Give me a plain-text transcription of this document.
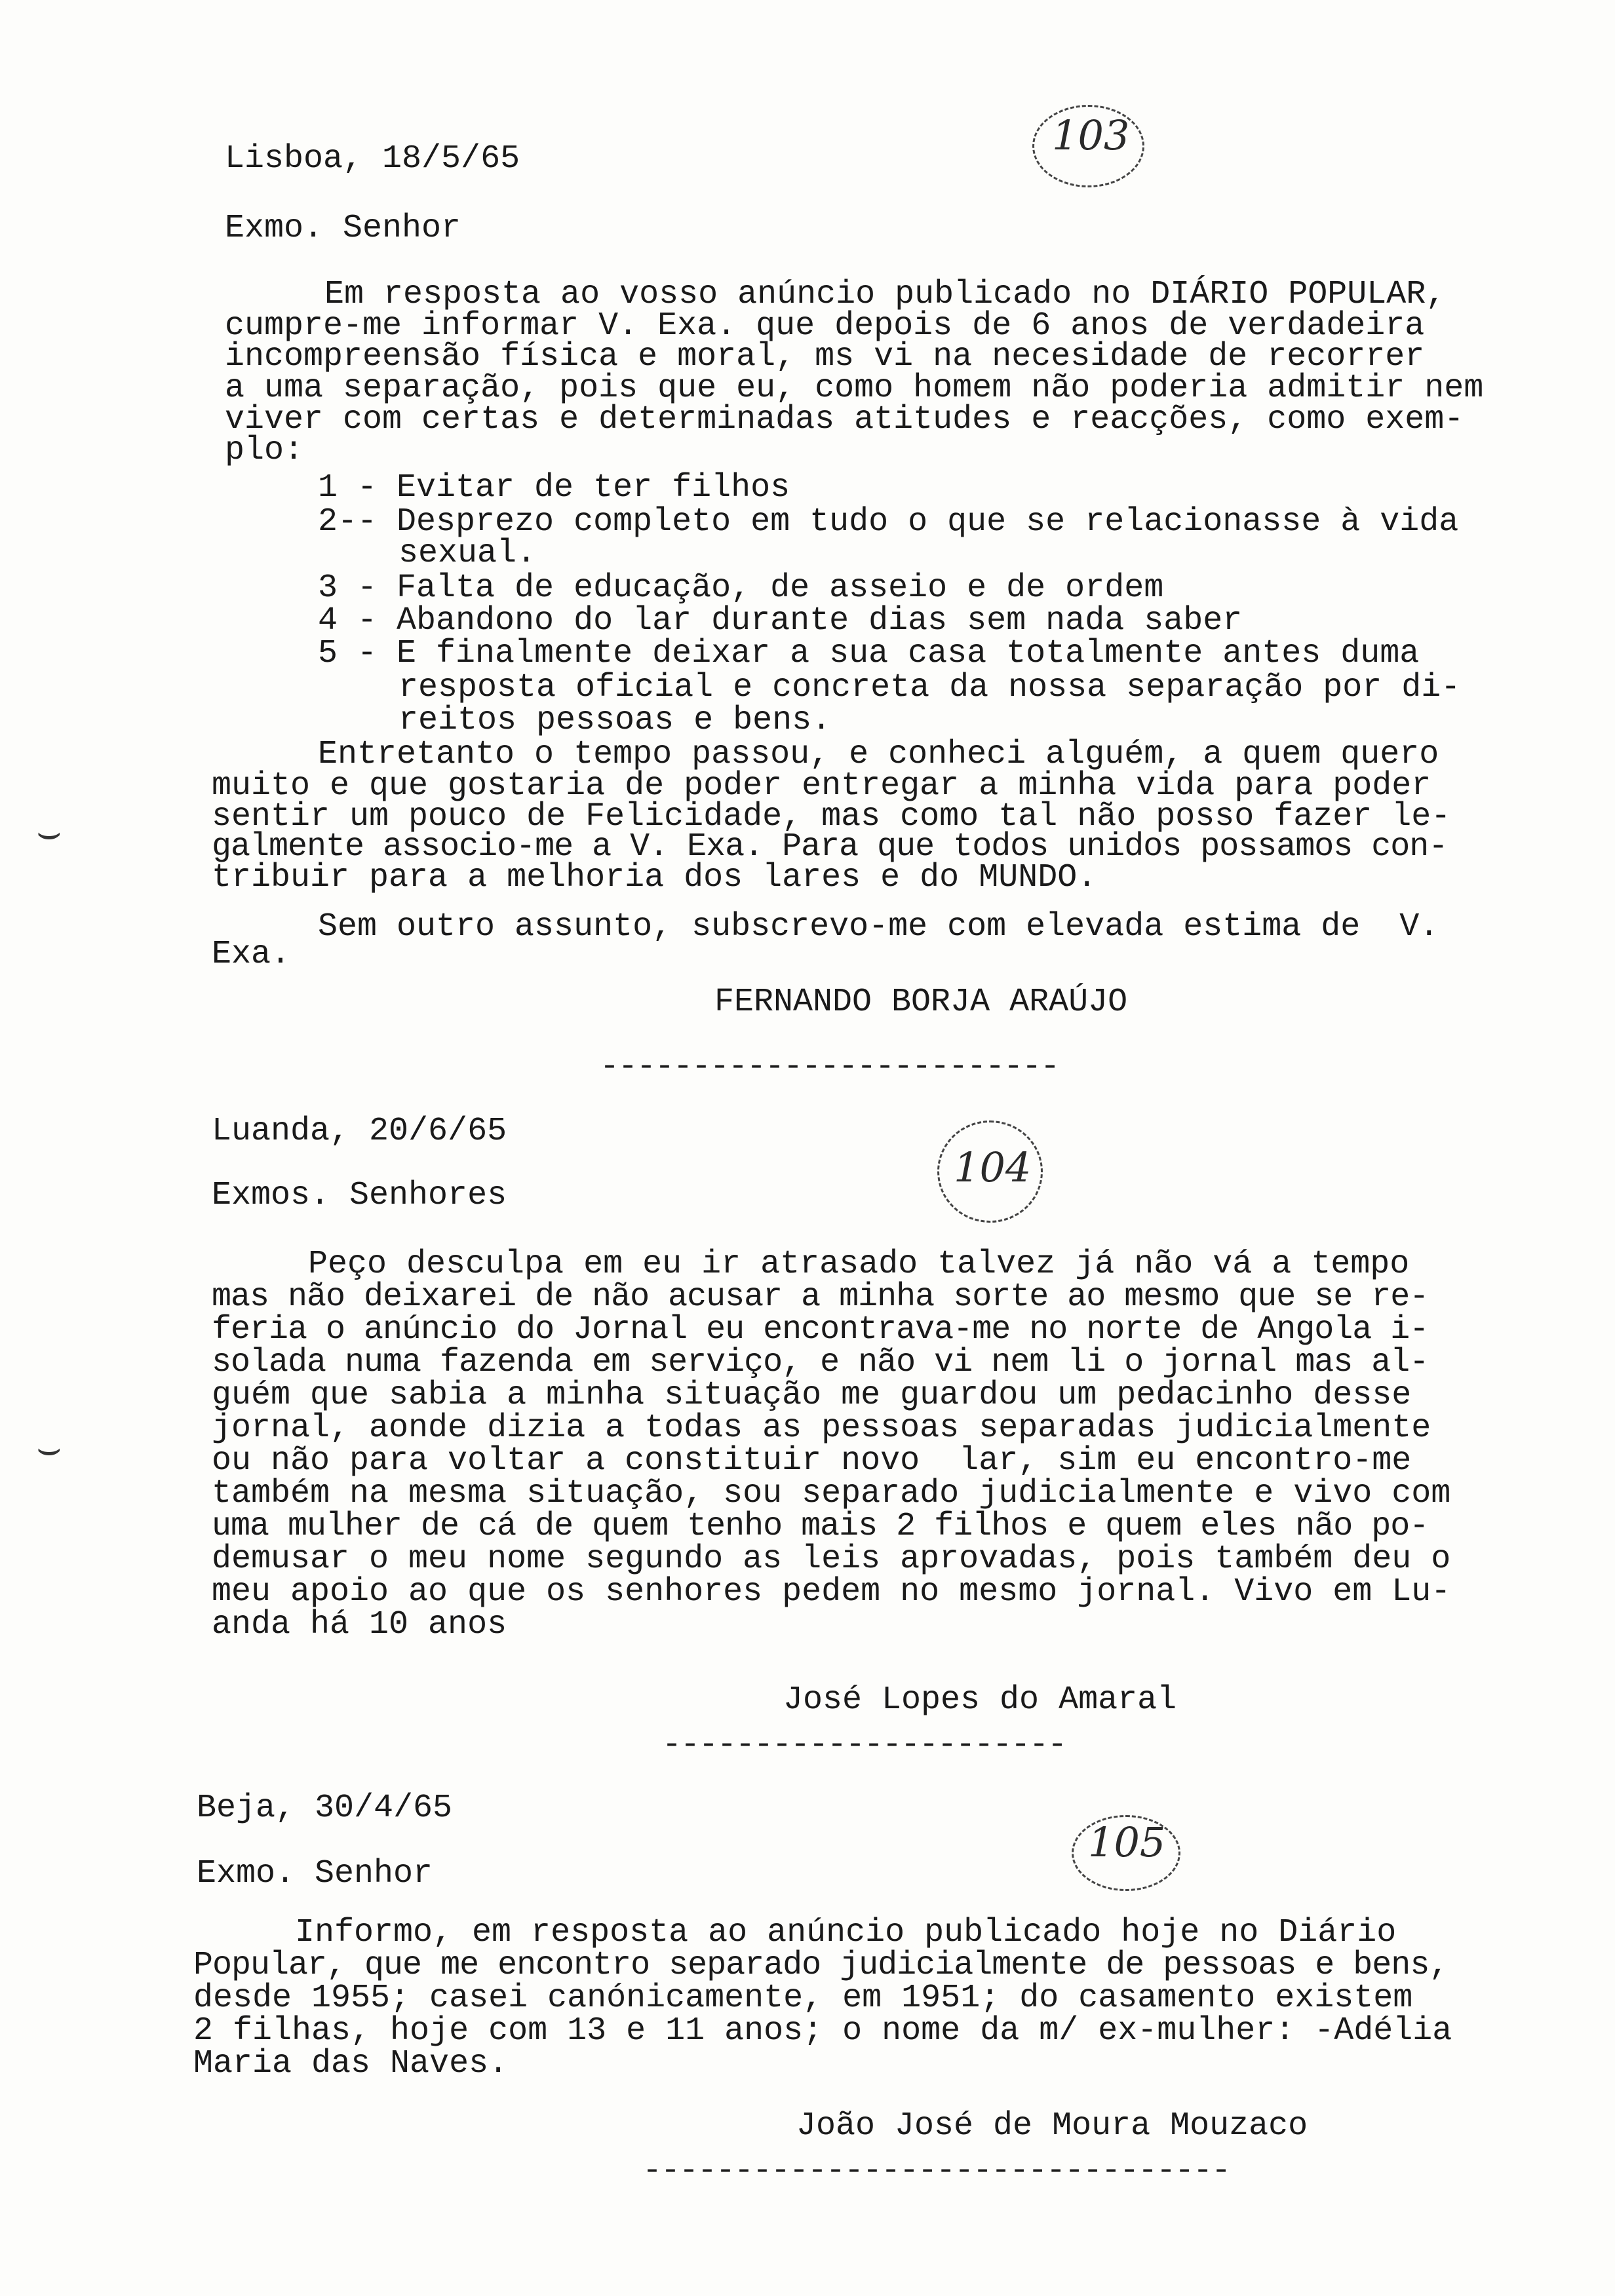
103
Lisboa, 18/5/65
Exmo. Senhor
Em resposta ao vosso anúncio publicado no DIÁRIO POPULAR,
cumpre-me informar V. Exa. que depois de 6 anos de verdadeira
incompreensão física e moral, ms vi na necesidade de recorrer
a uma separação, pois que eu, como homem não poderia admitir nem
viver com certas e determinadas atitudes e reacções, como exem-
plo:
1 - Evitar de ter filhos
2-- Desprezo completo em tudo o que se relacionasse à vida
sexual.
3 - Falta de educação, de asseio e de ordem
4 - Abandono do lar durante dias sem nada saber
5 - E finalmente deixar a sua casa totalmente antes duma
resposta oficial e concreta da nossa separação por di-
reitos pessoas e bens.
Entretanto o tempo passou, e conheci alguém, a quem quero
muito e que gostaria de poder entregar a minha vida para poder
sentir um pouco de Felicidade, mas como tal não posso fazer le-
galmente associo-me a V. Exa. Para que todos unidos possamos con-
tribuir para a melhoria dos lares e do MUNDO.
Sem outro assunto, subscrevo-me com elevada estima de  V.
Exa.
FERNANDO BORJA ARAÚJO
-------------------------
⌣
⌣
Luanda, 20/6/65
104
Exmos. Senhores
Peço desculpa em eu ir atrasado talvez já não vá a tempo
mas não deixarei de não acusar a minha sorte ao mesmo que se re-
feria o anúncio do Jornal eu encontrava-me no norte de Angola i-
solada numa fazenda em serviço, e não vi nem li o jornal mas al-
guém que sabia a minha situação me guardou um pedacinho desse
jornal, aonde dizia a todas as pessoas separadas judicialmente
ou não para voltar a constituir novo  lar, sim eu encontro-me
também na mesma situação, sou separado judicialmente e vivo com
uma mulher de cá de quem tenho mais 2 filhos e quem eles não po-
demusar o meu nome segundo as leis aprovadas, pois também deu o
meu apoio ao que os senhores pedem no mesmo jornal. Vivo em Lu-
anda há 10 anos
José Lopes do Amaral
----------------------
Beja, 30/4/65
105
Exmo. Senhor
Informo, em resposta ao anúncio publicado hoje no Diário
Popular, que me encontro separado judicialmente de pessoas e bens,
desde 1955; casei canónicamente, em 1951; do casamento existem
2 filhas, hoje com 13 e 11 anos; o nome da m/ ex-mulher: -Adélia
Maria das Naves.
João José de Moura Mouzaco
--------------------------------
